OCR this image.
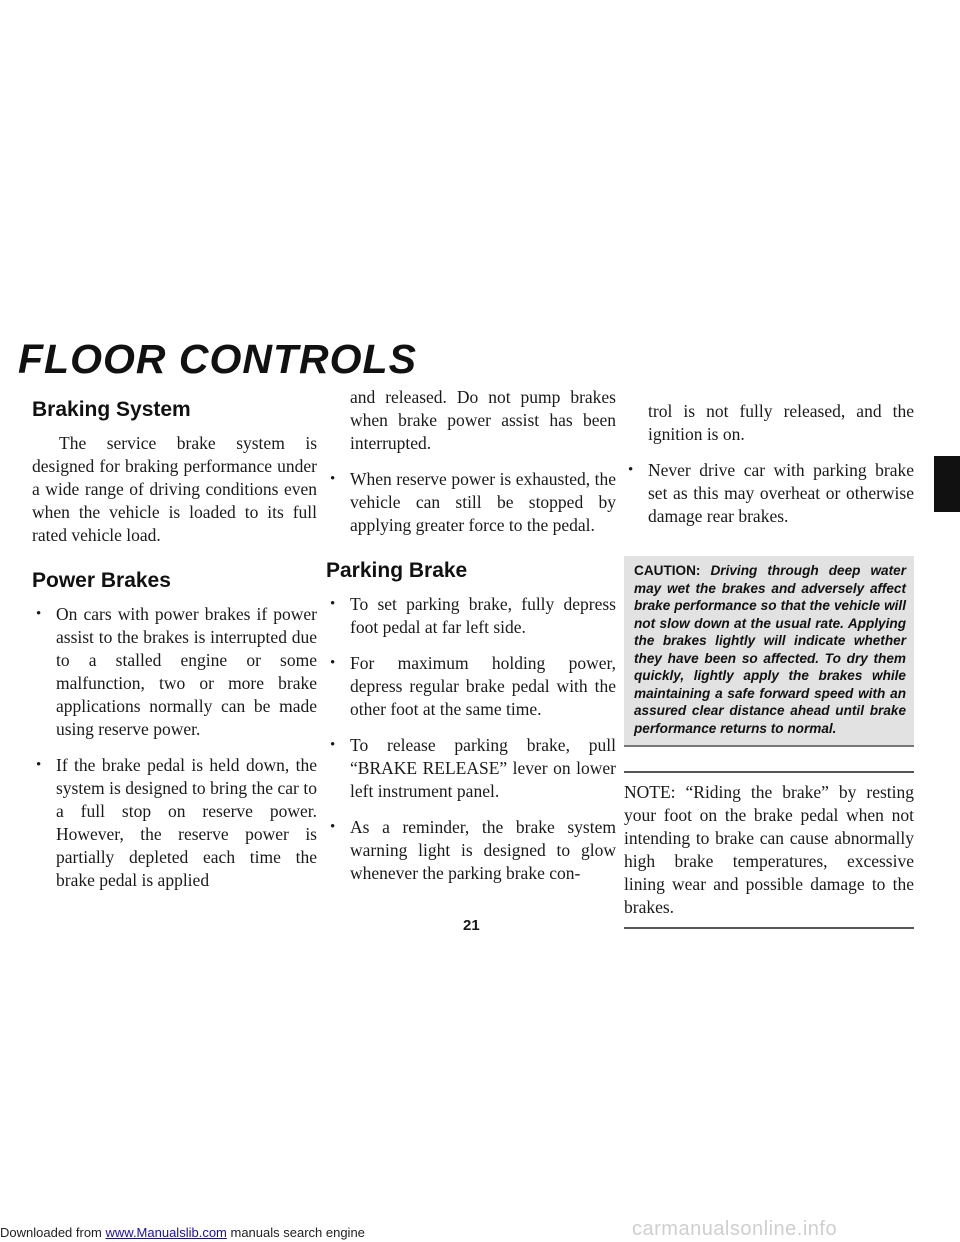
Downloaded from www.Manualslib.com manuals search engine
FLOOR CONTROLS
Braking System

The service brake system is designed for braking performance under a wide range of driving conditions even when the vehicle is loaded to its full rated vehicle load.

Power Brakes
• On cars with power brakes if power assist to the brakes is interrupted due to a stalled engine or some malfunction, two or more brake applications normally can be made using reserve power.
• If the brake pedal is held down, the system is designed to bring the car to a full stop on reserve power. However, the reserve power is partially depleted each time the brake pedal is applied

and released. Do not pump brakes when brake power assist has been interrupted.

• When reserve power is exhausted, the vehicle can still be stopped by applying greater force to the pedal.
Parking Brake
• To set parking brake, fully depress foot pedal at far left side.
• For maximum holding power, depress regular brake pedal with the other foot at the same time.
• To release parking brake, pull “BRAKE RELEASE” lever on lower left instrument panel.
• As a reminder, the brake system warning light is designed to glow whenever the parking brake con-

trol is not fully released, and the ignition is on.

• Never drive car with parking brake set as this may overheat or otherwise damage rear brakes.
CAUTION: Driving through deep water may wet the brakes and adversely affect brake performance so that the vehicle will not slow down at the usual rate. Applying the brakes lightly will indicate whether they have been so affected. To dry them quickly, lightly apply the brakes while maintaining a safe forward speed with an assured clear distance ahead until brake performance returns to normal.
NOTE: “Riding the brake” by resting your foot on the brake pedal when not intending to brake can cause abnormally high brake temperatures, excessive lining wear and possible damage to the brakes.
21
carmanualsonline.info
